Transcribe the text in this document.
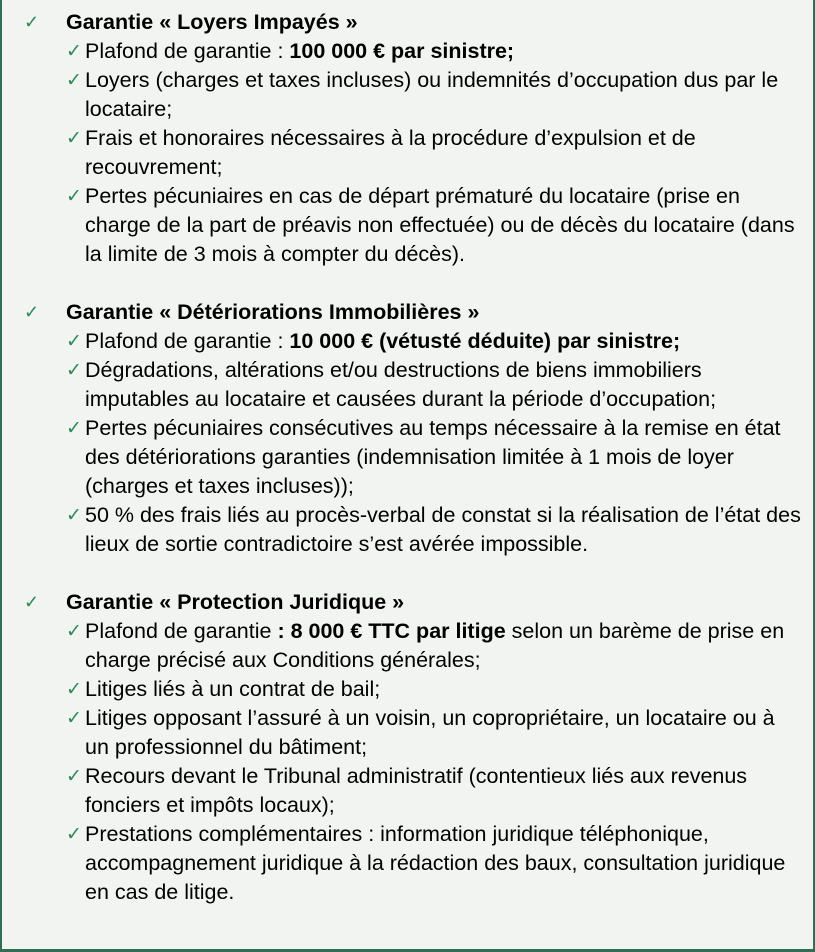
✓ Garantie « Loyers Impayés »
✓ Plafond de garantie : 100 000 € par sinistre;
✓ Loyers (charges et taxes incluses) ou indemnités d’occupation dus par le locataire;
✓ Frais et honoraires nécessaires à la procédure d’expulsion et de recouvrement;
✓ Pertes pécuniaires en cas de départ prématuré du locataire (prise en charge de la part de préavis non effectuée) ou de décès du locataire (dans la limite de 3 mois à compter du décès).
✓ Garantie « Détériorations Immobilières »
✓ Plafond de garantie : 10 000 € (vétusté déduite) par sinistre;
✓ Dégradations, altérations et/ou destructions de biens immobiliers imputables au locataire et causées durant la période d’occupation;
✓ Pertes pécuniaires consécutives au temps nécessaire à la remise en état des détériorations garanties (indemnisation limitée à 1 mois de loyer (charges et taxes incluses));
✓ 50 % des frais liés au procès-verbal de constat si la réalisation de l’état des lieux de sortie contradictoire s’est avérée impossible.
✓ Garantie « Protection Juridique »
✓ Plafond de garantie : 8 000 € TTC par litige selon un barème de prise en charge précisé aux Conditions générales;
✓ Litiges liés à un contrat de bail;
✓ Litiges opposant l’assuré à un voisin, un copropriétaire, un locataire ou à un professionnel du bâtiment;
✓ Recours devant le Tribunal administratif (contentieux liés aux revenus fonciers et impôts locaux);
✓ Prestations complémentaires : information juridique téléphonique, accompagnement juridique à la rédaction des baux, consultation juridique en cas de litige.
